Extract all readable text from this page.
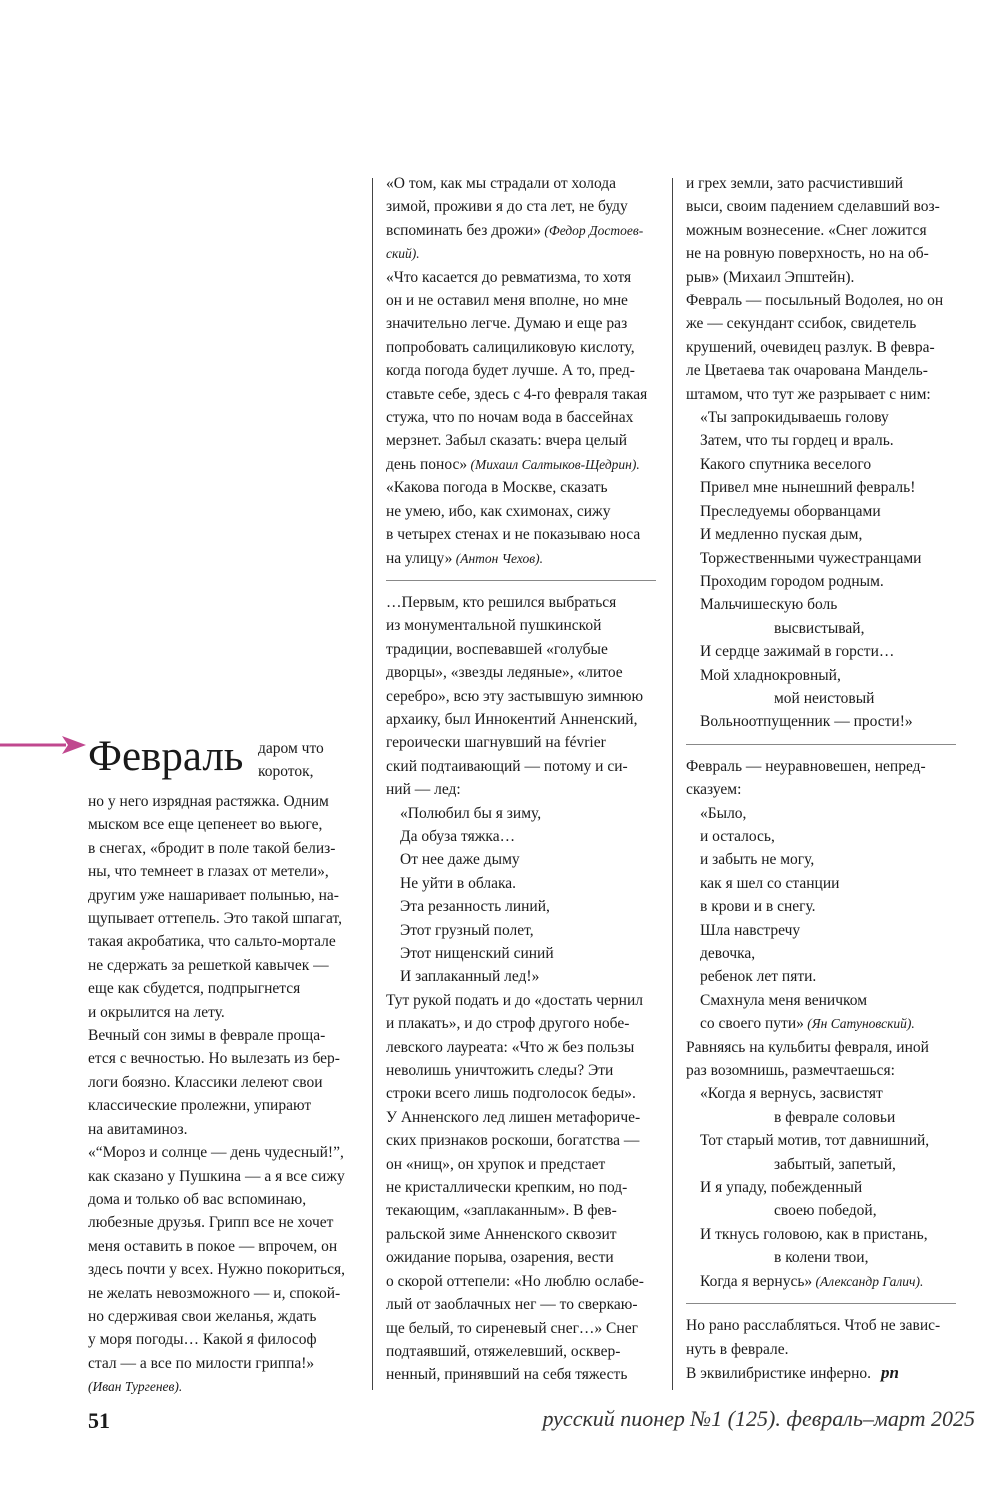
Февраль даром что
короток,
но у него изрядная растяжка. Одним
мыском все еще цепенеет во вьюге,
в снегах, «бродит в поле такой белиз-
ны, что темнеет в глазах от метели»,
другим уже нашаривает полынью, на-
щупывает оттепель. Это такой шпагат,
такая акробатика, что сальто-мортале
не сдержать за решеткой кавычек —
еще как сбудется, подпрыгнется
и окрылится на лету.
Вечный сон зимы в феврале проща-
ется с вечностью. Но вылезать из бер-
логи боязно. Классики лелеют свои
классические пролежни, упирают
на авитаминоз.
«“Мороз и солнце — день чудесный!”,
как сказано у Пушкина — а я все сижу
дома и только об вас вспоминаю,
любезные друзья. Грипп все не хочет
меня оставить в покое — впрочем, он
здесь почти у всех. Нужно покориться,
не желать невозможного — и, спокой-
но сдерживая свои желанья, ждать
у моря погоды… Какой я философ
стал — а все по милости гриппа!»
(Иван Тургенев).
«О том, как мы страдали от холода
зимой, проживи я до ста лет, не буду
вспоминать без дрожи» (Федор Достоев-
ский).
«Что касается до ревматизма, то хотя
он и не оставил меня вполне, но мне
значительно легче. Думаю и еще раз
попробовать салициликовую кислоту,
когда погода будет лучше. А то, пред-
ставьте себе, здесь с 4-го февраля такая
стужа, что по ночам вода в бассейнах
мерзнет. Забыл сказать: вчера целый
день понос» (Михаил Салтыков-Щедрин).
«Какова погода в Москве, сказать
не умею, ибо, как схимонах, сижу
в четырех стенах и не показываю носа
на улицу» (Антон Чехов).
…Первым, кто решился выбраться
из монументальной пушкинской
традиции, воспевавшей «голубые
дворцы», «звезды ледяные», «литое
серебро», всю эту застывшую зимнюю
архаику, был Иннокентий Анненский,
героически шагнувший на février
ский подтаивающий — потому и си-
ний — лед:
«Полюбил бы я зиму,
Да обуза тяжка…
От нее даже дыму
Не уйти в облака.
Эта резанность линий,
Этот грузный полет,
Этот нищенский синий
И заплаканный лед!»
Тут рукой подать и до «достать чернил
и плакать», и до строф другого нобе-
левского лауреата: «Что ж без пользы
неволишь уничтожить следы? Эти
строки всего лишь подголосок беды».
У Анненского лед лишен метафориче-
ских признаков роскоши, богатства —
он «нищ», он хрупок и предстает
не кристаллически крепким, но под-
текающим, «заплаканным». В фев-
ральской зиме Анненского сквозит
ожидание порыва, озарения, вести
о скорой оттепели: «Но люблю ослабе-
лый от заоблачных нег — то сверкаю-
ще белый, то сиреневый снег…» Снег
подтаявший, отяжелевший, осквер-
ненный, принявший на себя тяжесть
и грех земли, зато расчистивший
выси, своим падением сделавший воз-
можным вознесение. «Снег ложится
не на ровную поверхность, но на об-
рыв» (Михаил Эпштейн).
Февраль — посыльный Водолея, но он
же — секундант ссибок, свидетель
крушений, очевидец разлук. В февра-
ле Цветаева так очарована Мандель-
штамом, что тут же разрывает с ним:
«Ты запрокидываешь голову
Затем, что ты гордец и враль.
Какого спутника веселого
Привел мне нынешний февраль!
Преследуемы оборванцами
И медленно пуская дым,
Торжественными чужестранцами
Проходим городом родным.
Мальчишескую боль
высвистывай,
И сердце зажимай в горсти…
Мой хладнокровный,
мой неистовый
Вольноотпущенник — прости!»
Февраль — неуравновешен, непред-
сказуем:
«Было,
и осталось,
и забыть не могу,
как я шел со станции
в крови и в снегу.
Шла навстречу
девочка,
ребенок лет пяти.
Смахнула меня веничком
со своего пути» (Ян Сатуновский).
Равняясь на кульбиты февраля, иной
раз возомнишь, размечтаешься:
«Когда я вернусь, засвистят
в феврале соловьи
Тот старый мотив, тот давнишний,
забытый, запетый,
И я упаду, побежденный
своею победой,
И ткнусь головою, как в пристань,
в колени твои,
Когда я вернусь» (Александр Галич).
Но рано расслабляться. Чтоб не завис-
нуть в феврале.
В эквилибристике инферно. рп
51	русский пионер №1 (125). февраль–март 2025
